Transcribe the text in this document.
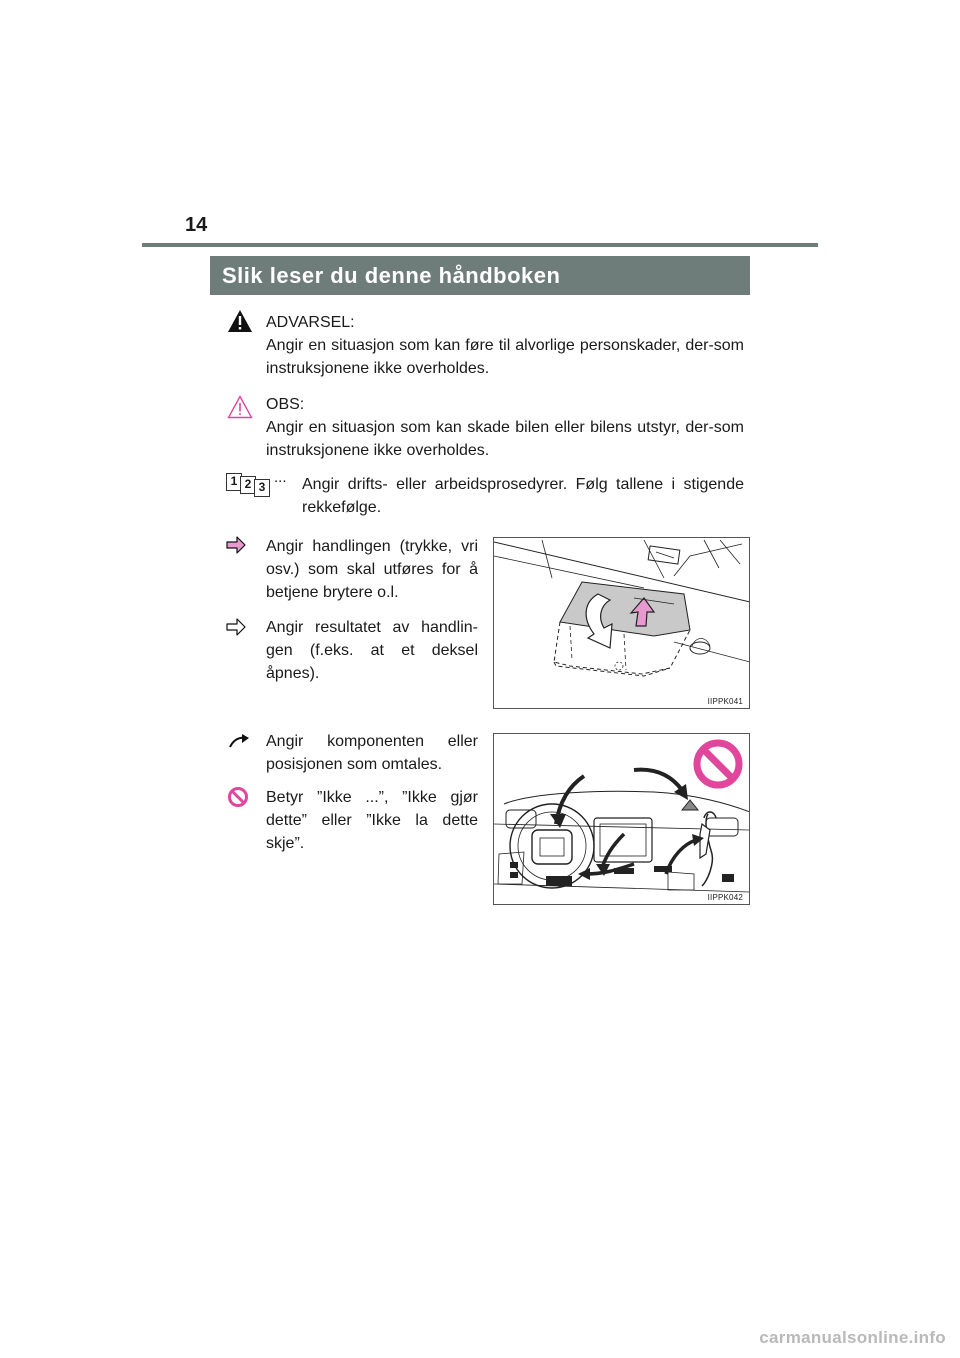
14
Slik leser du denne håndboken

ADVARSEL:

Angir en situasjon som kan føre til alvorlige personskader, der-som instruksjonene ikke overholdes.

OBS:

Angir en situasjon som kan skade bilen eller bilens utstyr, der-som instruksjonene ikke overholdes.

1 2 3
... Angir drifts- eller arbeidsprosedyrer. Følg tallene i stigende rekkefølge.
Angir handlingen (trykke, vri osv.) som skal utføres for å betjene brytere o.l.
Angir resultatet av handlin-gen (f.eks. at et deksel åpnes).
IIPPK041
Angir komponenten eller posisjonen som omtales.
Betyr ”Ikke ...”, ”Ikke gjør dette” eller ”Ikke la dette skje”.
IIPPK042
carmanualsonline.info
